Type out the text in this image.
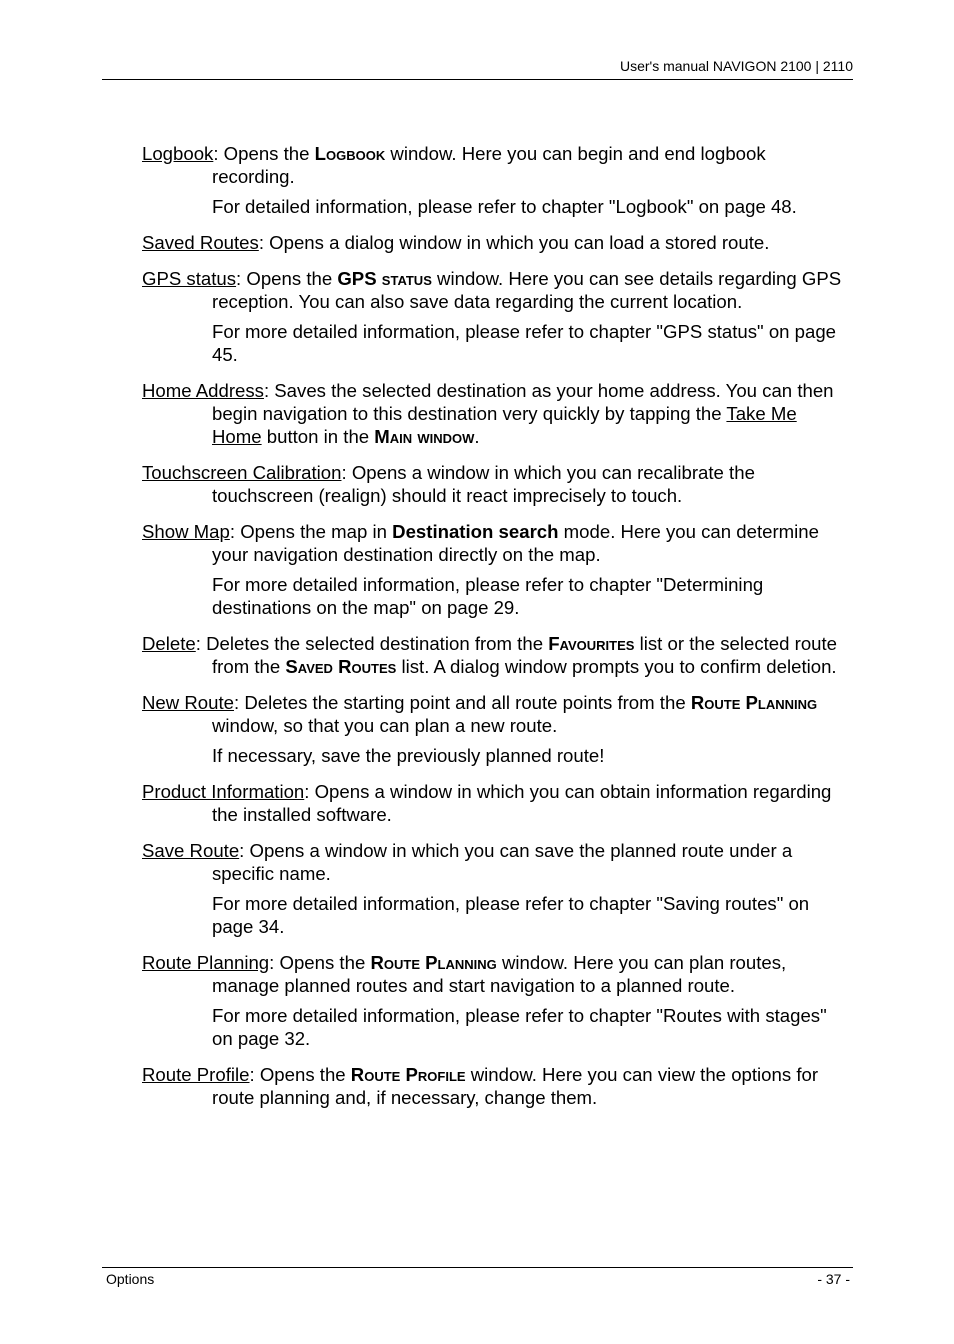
User's manual NAVIGON 2100 | 2110

Logbook: Opens the Logbook window. Here you can begin and end logbook recording.

For detailed information, please refer to chapter "Logbook" on page 48.

Saved Routes: Opens a dialog window in which you can load a stored route.

GPS status: Opens the GPS status window. Here you can see details regarding GPS reception. You can also save data regarding the current location.

For more detailed information, please refer to chapter "GPS status" on page 45.

Home Address: Saves the selected destination as your home address. You can then begin navigation to this destination very quickly by tapping the Take Me Home button in the Main window.

Touchscreen Calibration: Opens a window in which you can recalibrate the touchscreen (realign) should it react imprecisely to touch.

Show Map: Opens the map in Destination search mode. Here you can determine your navigation destination directly on the map.

For more detailed information, please refer to chapter "Determining destinations on the map" on page 29.

Delete: Deletes the selected destination from the Favourites list or the selected route from the Saved Routes list. A dialog window prompts you to confirm deletion.

New Route: Deletes the starting point and all route points from the Route Planning window, so that you can plan a new route.

If necessary, save the previously planned route!

Product Information: Opens a window in which you can obtain information regarding the installed software.

Save Route: Opens a window in which you can save the planned route under a specific name.

For more detailed information, please refer to chapter "Saving routes" on page 34.

Route Planning: Opens the Route Planning window. Here you can plan routes, manage planned routes and start navigation to a planned route.

For more detailed information, please refer to chapter "Routes with stages" on page 32.

Route Profile: Opens the Route Profile window. Here you can view the options for route planning and, if necessary, change them.

Options	- 37 -
